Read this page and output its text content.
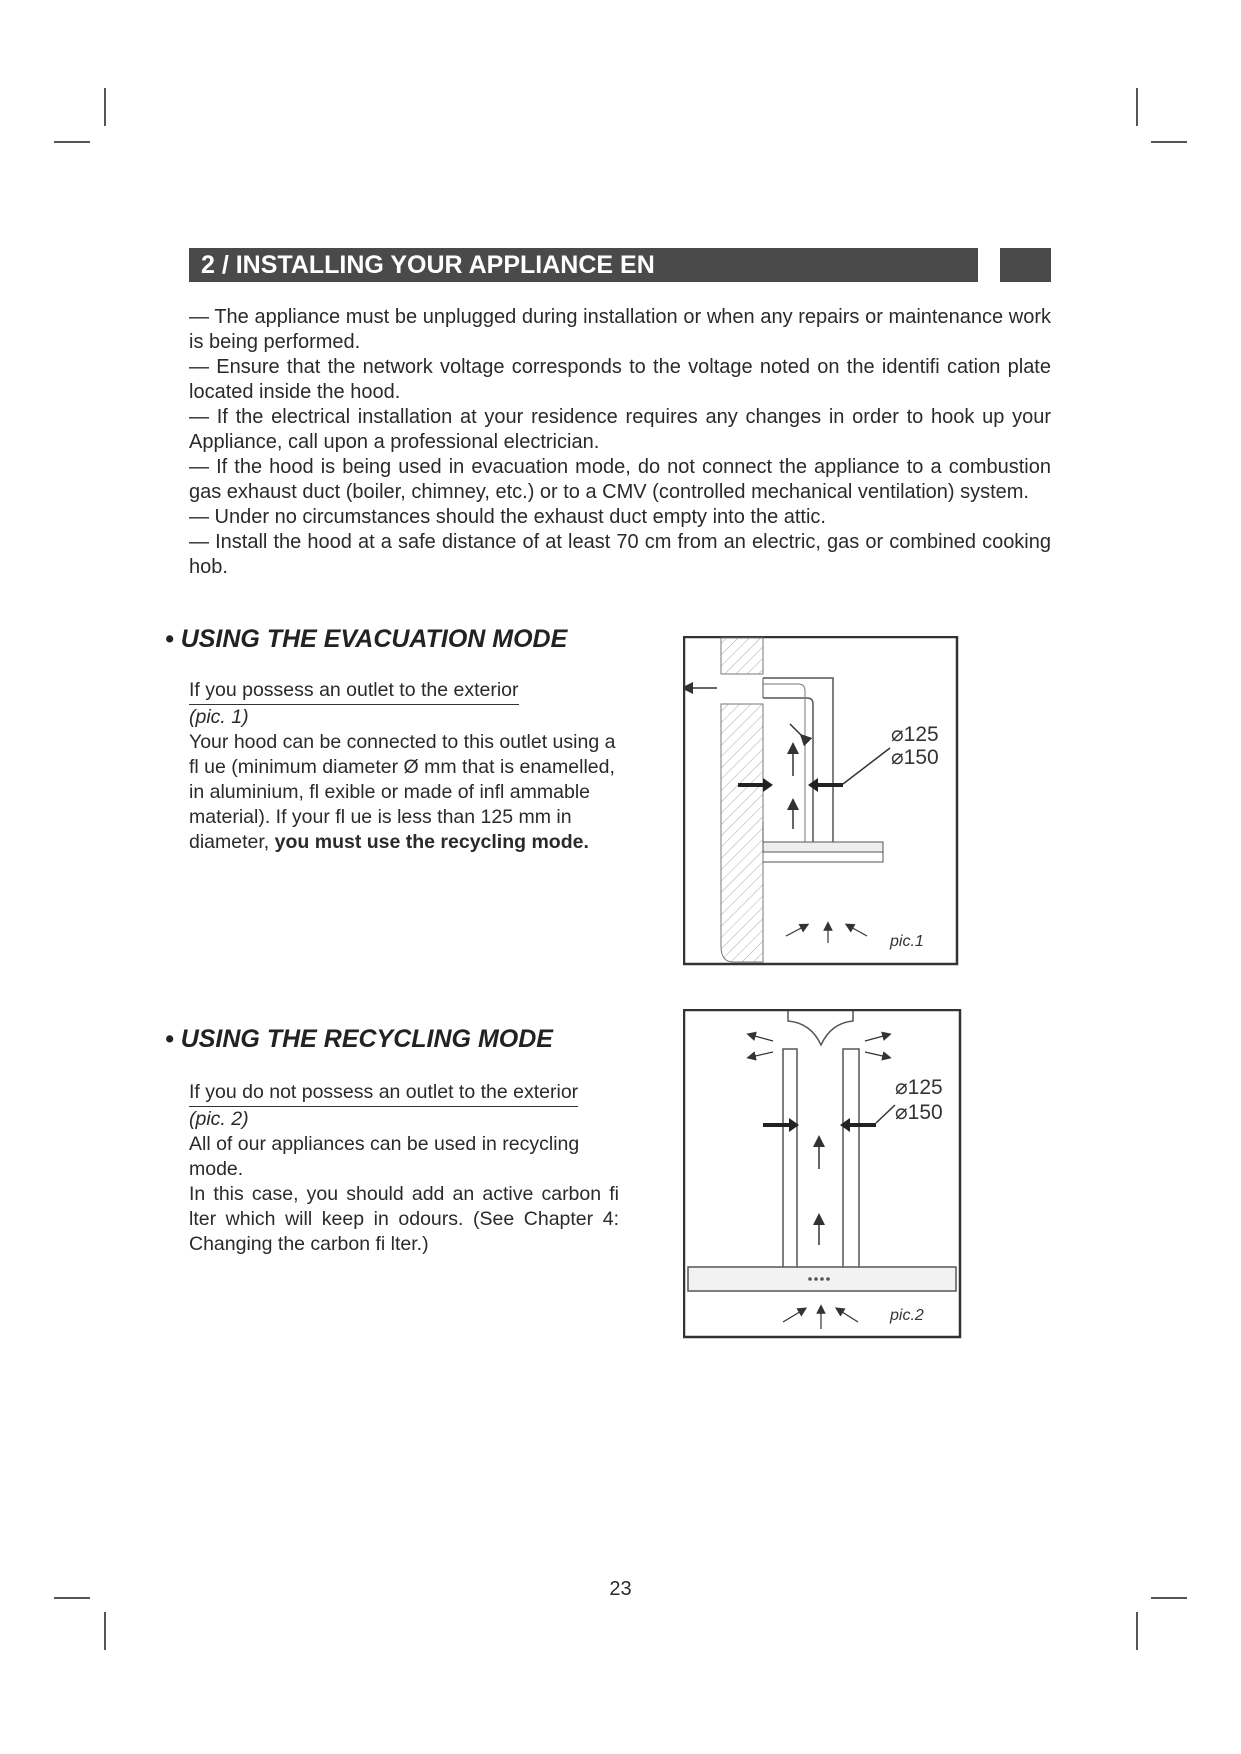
2 / INSTALLING YOUR APPLIANCE EN

— The appliance must be unplugged during installation or when any repairs or maintenance work is being performed.

— Ensure that the network voltage corresponds to the voltage noted on the identifi cation plate located inside the hood.

— If the electrical installation at your residence requires any changes in order to hook up your Appliance, call upon a professional electrician.

— If the hood is being used in evacuation mode, do not connect the appliance to a combustion gas exhaust duct (boiler, chimney, etc.) or to a CMV (controlled mechanical ventilation) system.

— Under no circumstances should the exhaust duct empty into the attic.

— Install the hood at a safe distance of at least 70 cm from an electric, gas or combined cooking hob.

• USING THE EVACUATION MODE

If you possess an outlet to the exterior

(pic. 1)

Your hood can be connected to this outlet using a fl ue (minimum diameter Ø mm that is enamelled, in aluminium, fl exible or made of infl ammable material). If your fl ue is less than 125 mm in diameter, you must use the recycling mode.

⌀125
⌀150
pic.1
• USING THE RECYCLING MODE

If you do not possess an outlet to the exterior

(pic. 2)

All of our appliances can be used in recycling mode.

In this case, you should add an active carbon fi lter which will keep in odours. (See Chapter 4: Changing the carbon fi lter.)

⌀125
⌀150
pic.2
23
